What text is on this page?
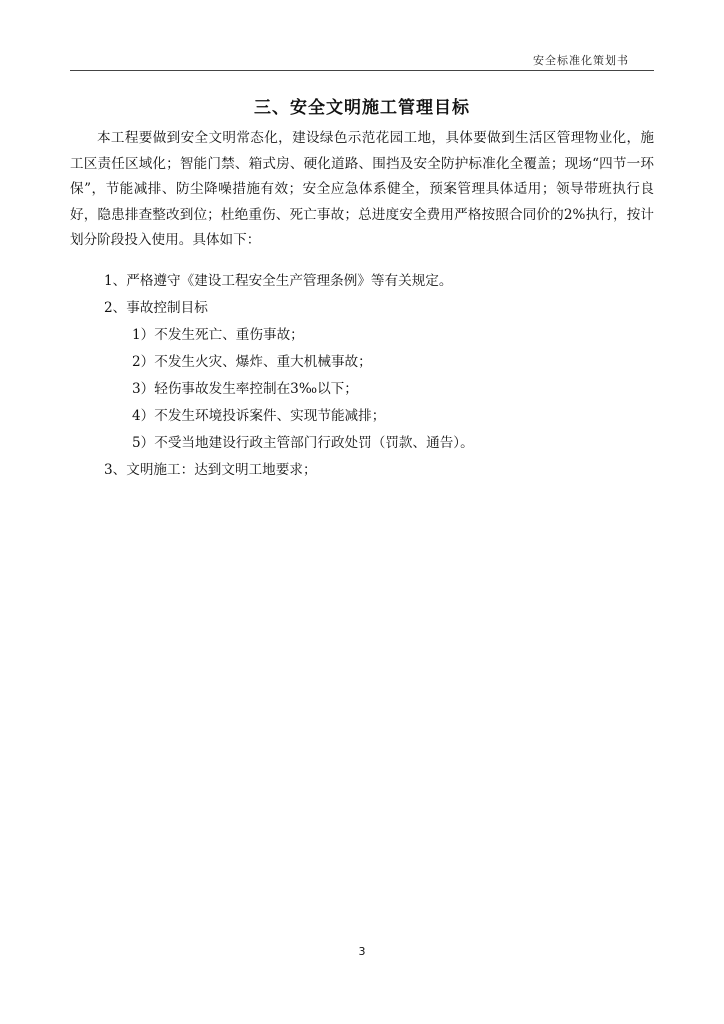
安全标准化策划书
三、安全文明施工管理目标
本工程要做到安全文明常态化，建设绿色示范花园工地，具体要做到生活区管理物业化，施工区责任区域化；智能门禁、箱式房、硬化道路、围挡及安全防护标准化全覆盖；现场“四节一环保”，节能减排、防尘降噪措施有效；安全应急体系健全，预案管理具体适用；领导带班执行良好，隐患排查整改到位；杜绝重伤、死亡事故；总进度安全费用严格按照合同价的2%执行，按计划分阶段投入使用。具体如下：
1、严格遵守《建设工程安全生产管理条例》等有关规定。
2、事故控制目标
1）不发生死亡、重伤事故；
2）不发生火灾、爆炸、重大机械事故；
3）轻伤事故发生率控制在3‰以下；
4）不发生环境投诉案件、实现节能减排；
5）不受当地建设行政主管部门行政处罚（罚款、通告）。
3、文明施工：达到文明工地要求；
3
